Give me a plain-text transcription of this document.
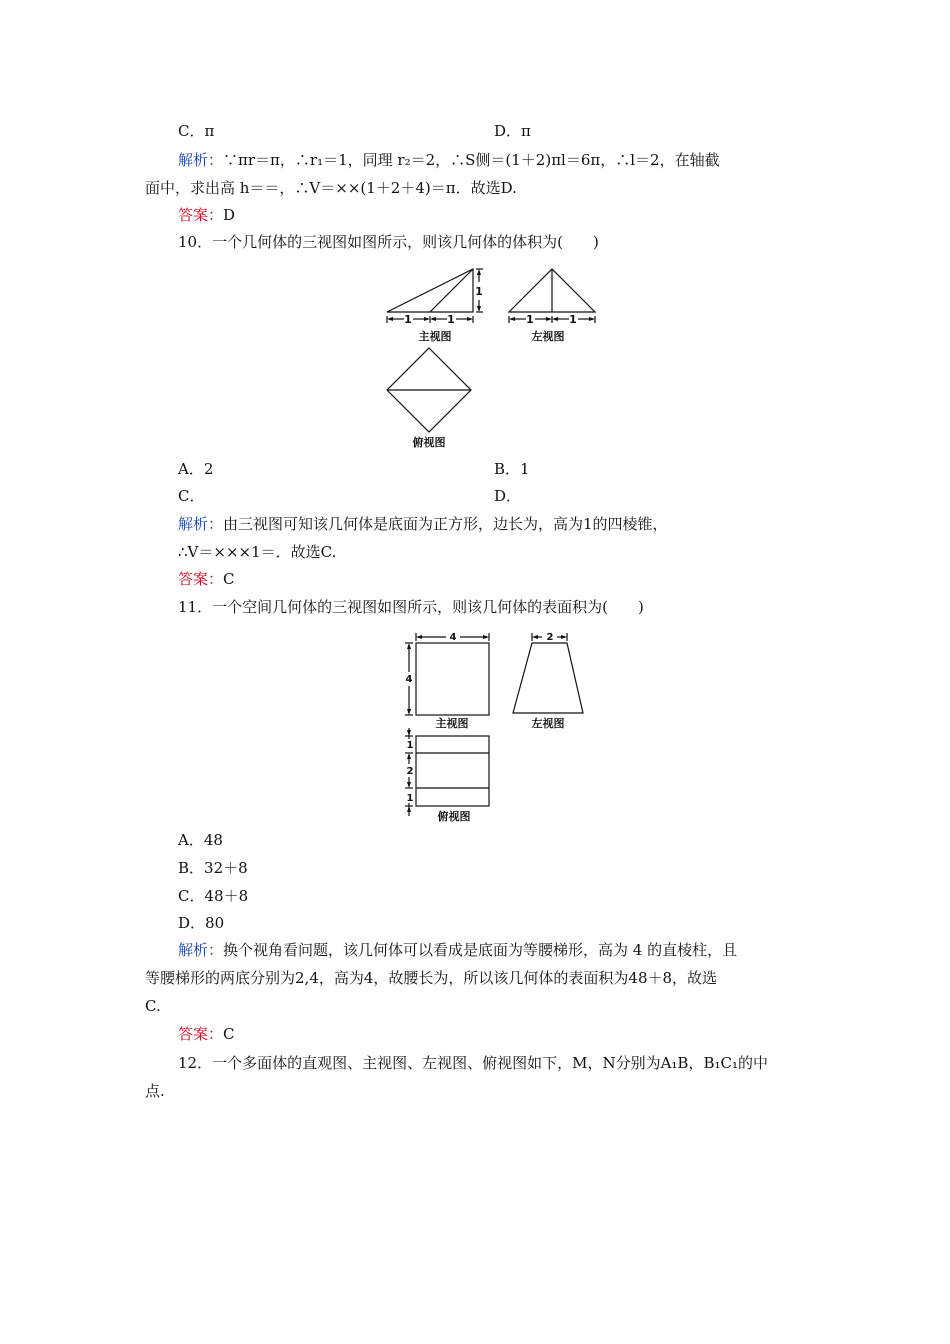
C．π	D．π
解析：∵πr＝π，∴r₁＝1，同理 r₂＝2，∴S侧＝(1＋2)πl＝6π，∴l＝2，在轴截
面中，求出高 h＝＝，∴V＝××(1＋2＋4)＝π．故选D.
答案：D
10．一个几何体的三视图如图所示，则该几何体的体积为(　　)
1	1
1
1	1
主视图	左视图
俯视图
A．2	B．1
C．	D．
解析：由三视图可知该几何体是底面为正方形，边长为，高为1的四棱锥，
∴V＝×××1＝．故选C.
答案：C
11．一个空间几何体的三视图如图所示，则该几何体的表面积为(　　)
4
4
2
1
2
1
主视图	左视图
俯视图
A．48
B．32＋8
C．48＋8
D．80
解析：换个视角看问题，该几何体可以看成是底面为等腰梯形，高为 4 的直棱柱，且
等腰梯形的两底分别为2,4，高为4，故腰长为，所以该几何体的表面积为48＋8，故选
C.
答案：C
12．一个多面体的直观图、主视图、左视图、俯视图如下，M，N分别为A₁B，B₁C₁的中
点.
